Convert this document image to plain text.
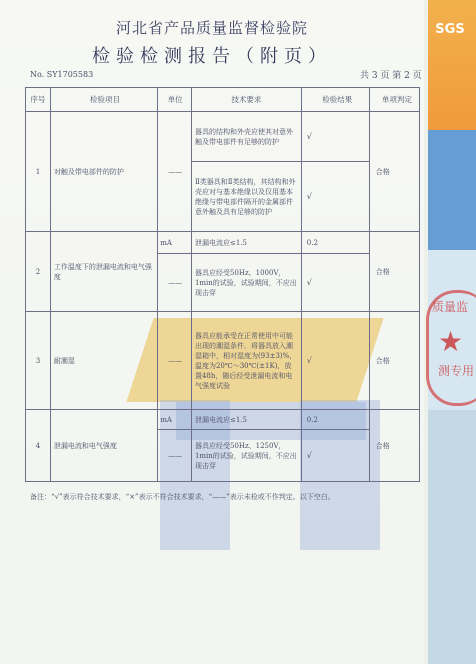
SGS
质量监
★
测专用
河北省产品质量监督检验院
检验检测报告（附页）
No. SY1705583	共 3 页 第 2 页
序号	检验项目	单位	技术要求	检验结果	单项判定
1	对触及带电部件的防护	——	器具的结构和外壳应使其对意外触及带电部件有足够的防护	√	合格
			Ⅱ类器具和Ⅱ类结构，其结构和外壳应对与基本绝缘以及仅用基本绝缘与带电部件隔开的金属部件意外触及具有足够的防护	√	
2	工作温度下的泄漏电流和电气强度	mA	泄漏电流应≤1.5	0.2	合格
		——	器具应经受50Hz、1000V，1min的试验，试验期间，不应出现击穿	√	
3	耐潮湿	——	器具应能承受在正常使用中可能出现的潮湿条件。将器具放入潮湿箱中，相对湿度为(93±3)%，温度为20℃～30℃(±1K)，放置48h，随后经受泄漏电流和电气强度试验	√	合格
4	泄漏电流和电气强度	mA	泄漏电流应≤1.5	0.2	合格
		——	器具应经受50Hz、1250V，1min的试验，试验期间，不应出现击穿	√	
备注：“√”表示符合技术要求，“×”表示不符合技术要求，“——”表示未检或不作判定。以下空白。
